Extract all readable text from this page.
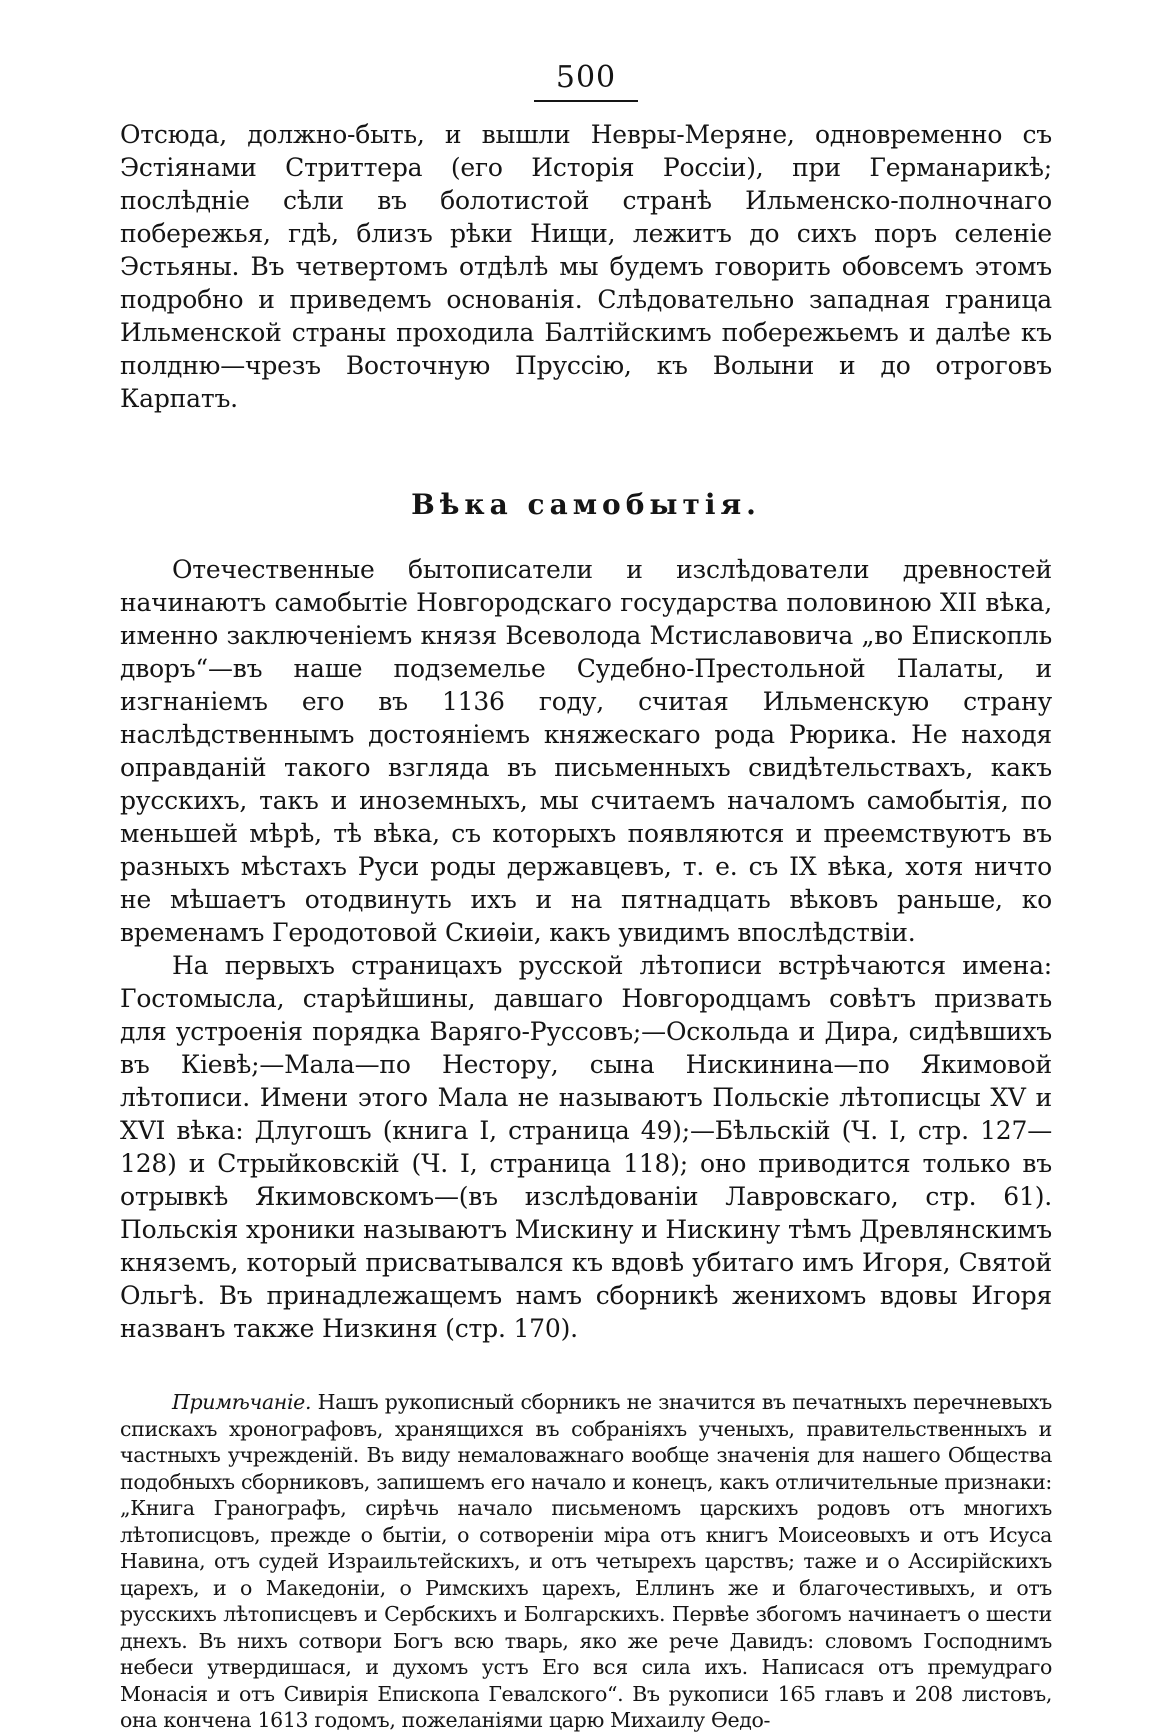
500

Отсюда, должно-быть, и вышли Невры-Меряне, одновременно съ Эстіянами Стриттера (его Исторія Россіи), при Германарикѣ; послѣдніе сѣли въ болотистой странѣ Ильменско-полночнаго побережья, гдѣ, близъ рѣки Нищи, лежитъ до сихъ поръ селеніе Эстьяны. Въ четвертомъ отдѣлѣ мы будемъ говорить обовсемъ этомъ подробно и приведемъ основанія. Слѣдовательно западная граница Ильменской страны проходила Балтійскимъ побережьемъ и далѣе къ полдню—чрезъ Восточную Пруссію, къ Волыни и до отроговъ Карпатъ.

Вѣка самобытія.

Отечественные бытописатели и изслѣдователи древностей начинаютъ самобытіе Новгородскаго государства половиною XII вѣка, именно заключеніемъ князя Всеволода Мстиславовича „во Епископль дворъ“—въ наше подземелье Судебно-Престольной Палаты, и изгнаніемъ его въ 1136 году, считая Ильменскую страну наслѣдственнымъ достояніемъ княжескаго рода Рюрика. Не находя оправданій такого взгляда въ письменныхъ свидѣтельствахъ, какъ русскихъ, такъ и иноземныхъ, мы считаемъ началомъ самобытія, по меньшей мѣрѣ, тѣ вѣка, съ которыхъ появляются и преемствуютъ въ разныхъ мѣстахъ Руси роды державцевъ, т. е. съ IX вѣка, хотя ничто не мѣшаетъ отодвинуть ихъ и на пятнадцать вѣковъ раньше, ко временамъ Геродотовой Скиѳіи, какъ увидимъ впослѣдствіи.

На первыхъ страницахъ русской лѣтописи встрѣчаются имена: Гостомысла, старѣйшины, давшаго Новгородцамъ совѣтъ призвать для устроенія порядка Варяго-Руссовъ;—Оскольда и Дира, сидѣвшихъ въ Кіевѣ;—Мала—по Нестору, сына Нискинина—по Якимовой лѣтописи. Имени этого Мала не называютъ Польскіе лѣтописцы XV и XVI вѣка: Длугошъ (книга I, страница 49);—Бѣльскій (Ч. I, стр. 127—128) и Стрыйковскій (Ч. I, страница 118); оно приводится только въ отрывкѣ Якимовскомъ—(въ изслѣдованіи Лавровскаго, стр. 61). Польскія хроники называютъ Мискину и Нискину тѣмъ Древлянскимъ княземъ, который присватывался къ вдовѣ убитаго имъ Игоря, Святой Ольгѣ. Въ принадлежащемъ намъ сборникѣ женихомъ вдовы Игоря названъ также Низкиня (стр. 170).

Примѣчаніе. Нашъ рукописный сборникъ не значится въ печатныхъ перечневыхъ спискахъ хронографовъ, хранящихся въ собраніяхъ ученыхъ, правительственныхъ и частныхъ учрежденій. Въ виду немаловажнаго вообще значенія для нашего Общества подобныхъ сборниковъ, запишемъ его начало и конецъ, какъ отличительные признаки: „Книга Гранографъ, сирѣчь начало письменомъ царскихъ родовъ отъ многихъ лѣтописцовъ, прежде о бытіи, о сотвореніи міра отъ книгъ Моисеовыхъ и отъ Исуса Навина, отъ судей Израильтейскихъ, и отъ четырехъ царствъ; таже и о Ассирійскихъ царехъ, и о Македоніи, о Римскихъ царехъ, Еллинъ же и благочестивыхъ, и отъ русскихъ лѣтописцевъ и Сербскихъ и Болгарскихъ. Первѣе збогомъ начинаетъ о шести днехъ. Въ нихъ сотвори Богъ всю тварь, яко же рече Давидъ: словомъ Господнимъ небеси утвердишася, и духомъ устъ Его вся сила ихъ. Написася отъ премудраго Монасія и отъ Сивирія Епископа Гевалского“. Въ рукописи 165 главъ и 208 листовъ, она кончена 1613 годомъ, пожеланіями царю Михаилу Ѳедо-
